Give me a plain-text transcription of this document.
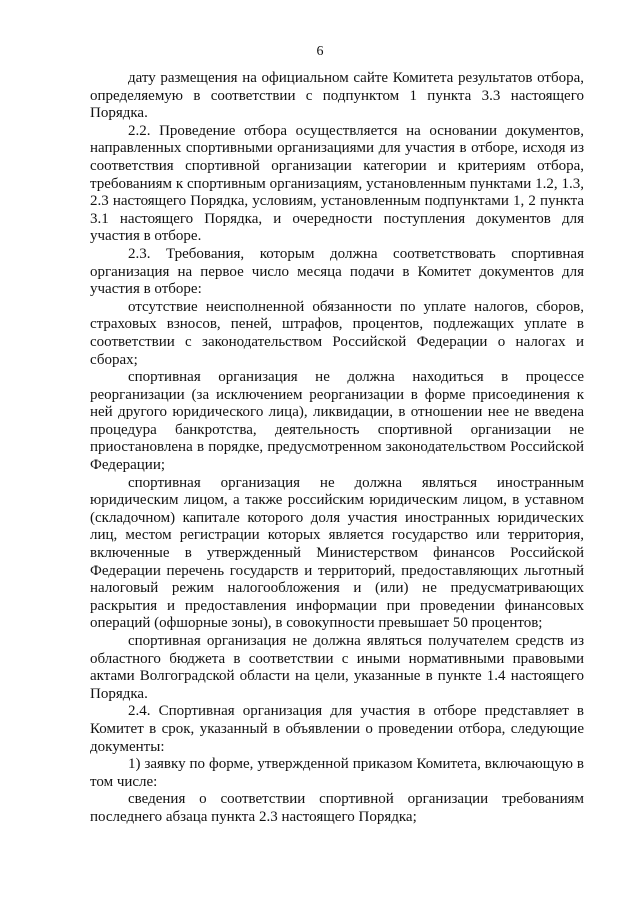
6

дату размещения на официальном сайте Комитета результатов отбора, определяемую в соответствии с подпунктом 1 пункта 3.3 настоящего Порядка.

2.2. Проведение отбора осуществляется на основании документов, направленных спортивными организациями для участия в отборе, исходя из соответствия спортивной организации категории и критериям отбора, требованиям к спортивным организациям, установленным пунктами 1.2, 1.3, 2.3 настоящего Порядка, условиям, установленным подпунктами 1, 2 пункта 3.1 настоящего Порядка, и очередности поступления документов для участия в отборе.

2.3. Требования, которым должна соответствовать спортивная организация на первое число месяца подачи в Комитет документов для участия в отборе:

отсутствие неисполненной обязанности по уплате налогов, сборов, страховых взносов, пеней, штрафов, процентов, подлежащих уплате в соответствии с законодательством Российской Федерации о налогах и сборах;

спортивная организация не должна находиться в процессе реорганизации (за исключением реорганизации в форме присоединения к ней другого юридического лица), ликвидации, в отношении нее не введена процедура банкротства, деятельность спортивной организации не приостановлена в порядке, предусмотренном законодательством Российской Федерации;

спортивная организация не должна являться иностранным юридическим лицом, а также российским юридическим лицом, в уставном (складочном) капитале которого доля участия иностранных юридических лиц, местом регистрации которых является государство или территория, включенные в утвержденный Министерством финансов Российской Федерации перечень государств и территорий, предоставляющих льготный налоговый режим налогообложения и (или) не предусматривающих раскрытия и предоставления информации при проведении финансовых операций (офшорные зоны), в совокупности превышает 50 процентов;

спортивная организация не должна являться получателем средств из областного бюджета в соответствии с иными нормативными правовыми актами Волгоградской области на цели, указанные в пункте 1.4 настоящего Порядка.

2.4. Спортивная организация для участия в отборе представляет в Комитет в срок, указанный в объявлении о проведении отбора, следующие документы:

1) заявку по форме, утвержденной приказом Комитета, включающую в том числе:

сведения о соответствии спортивной организации требованиям последнего абзаца пункта 2.3 настоящего Порядка;
